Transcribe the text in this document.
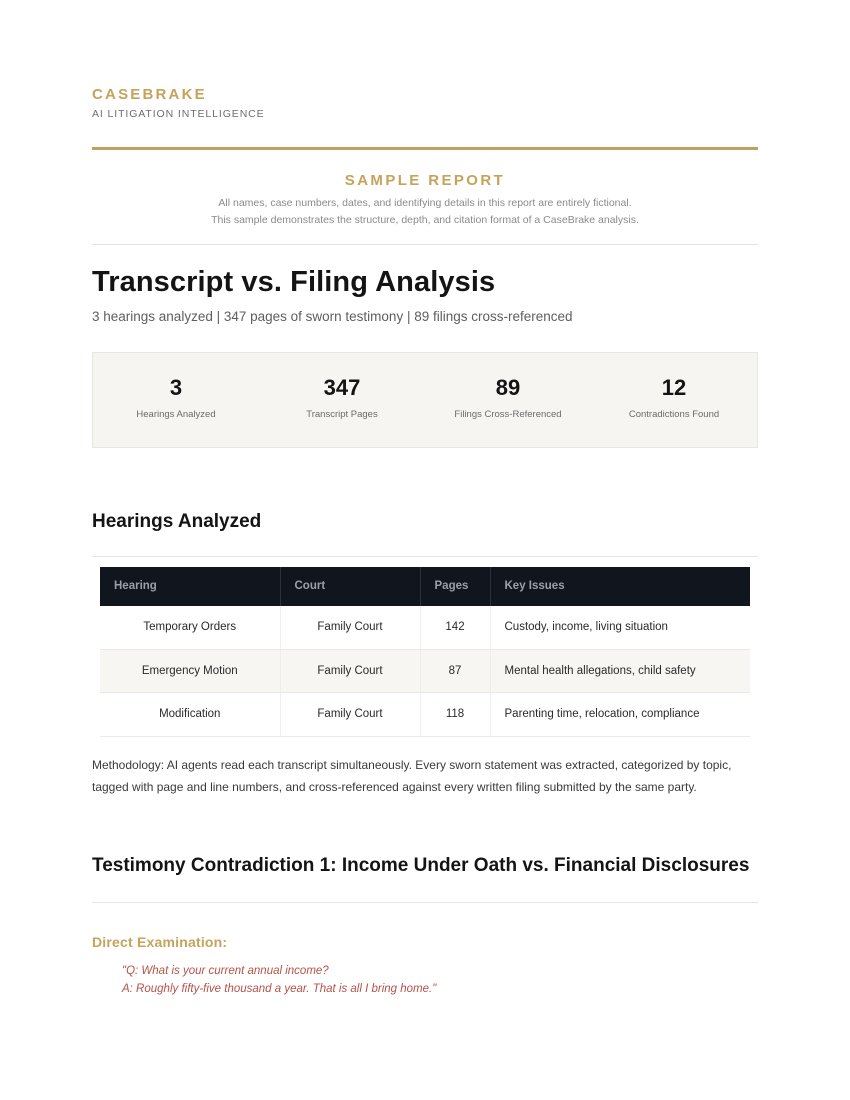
CASEBRAKE
AI LITIGATION INTELLIGENCE
SAMPLE REPORT
All names, case numbers, dates, and identifying details in this report are entirely fictional.
This sample demonstrates the structure, depth, and citation format of a CaseBrake analysis.
Transcript vs. Filing Analysis
3 hearings analyzed | 347 pages of sworn testimony | 89 filings cross-referenced
3
Hearings Analyzed
347
Transcript Pages
89
Filings Cross-Referenced
12
Contradictions Found
Hearings Analyzed
Hearing	Court	Pages	Key Issues
Temporary Orders	Family Court	142	Custody, income, living situation
Emergency Motion	Family Court	87	Mental health allegations, child safety
Modification	Family Court	118	Parenting time, relocation, compliance

Methodology: AI agents read each transcript simultaneously. Every sworn statement was extracted, categorized by topic, tagged with page and line numbers, and cross-referenced against every written filing submitted by the same party.

Testimony Contradiction 1: Income Under Oath vs. Financial Disclosures
Direct Examination:
"Q: What is your current annual income?
A: Roughly fifty-five thousand a year. That is all I bring home."
